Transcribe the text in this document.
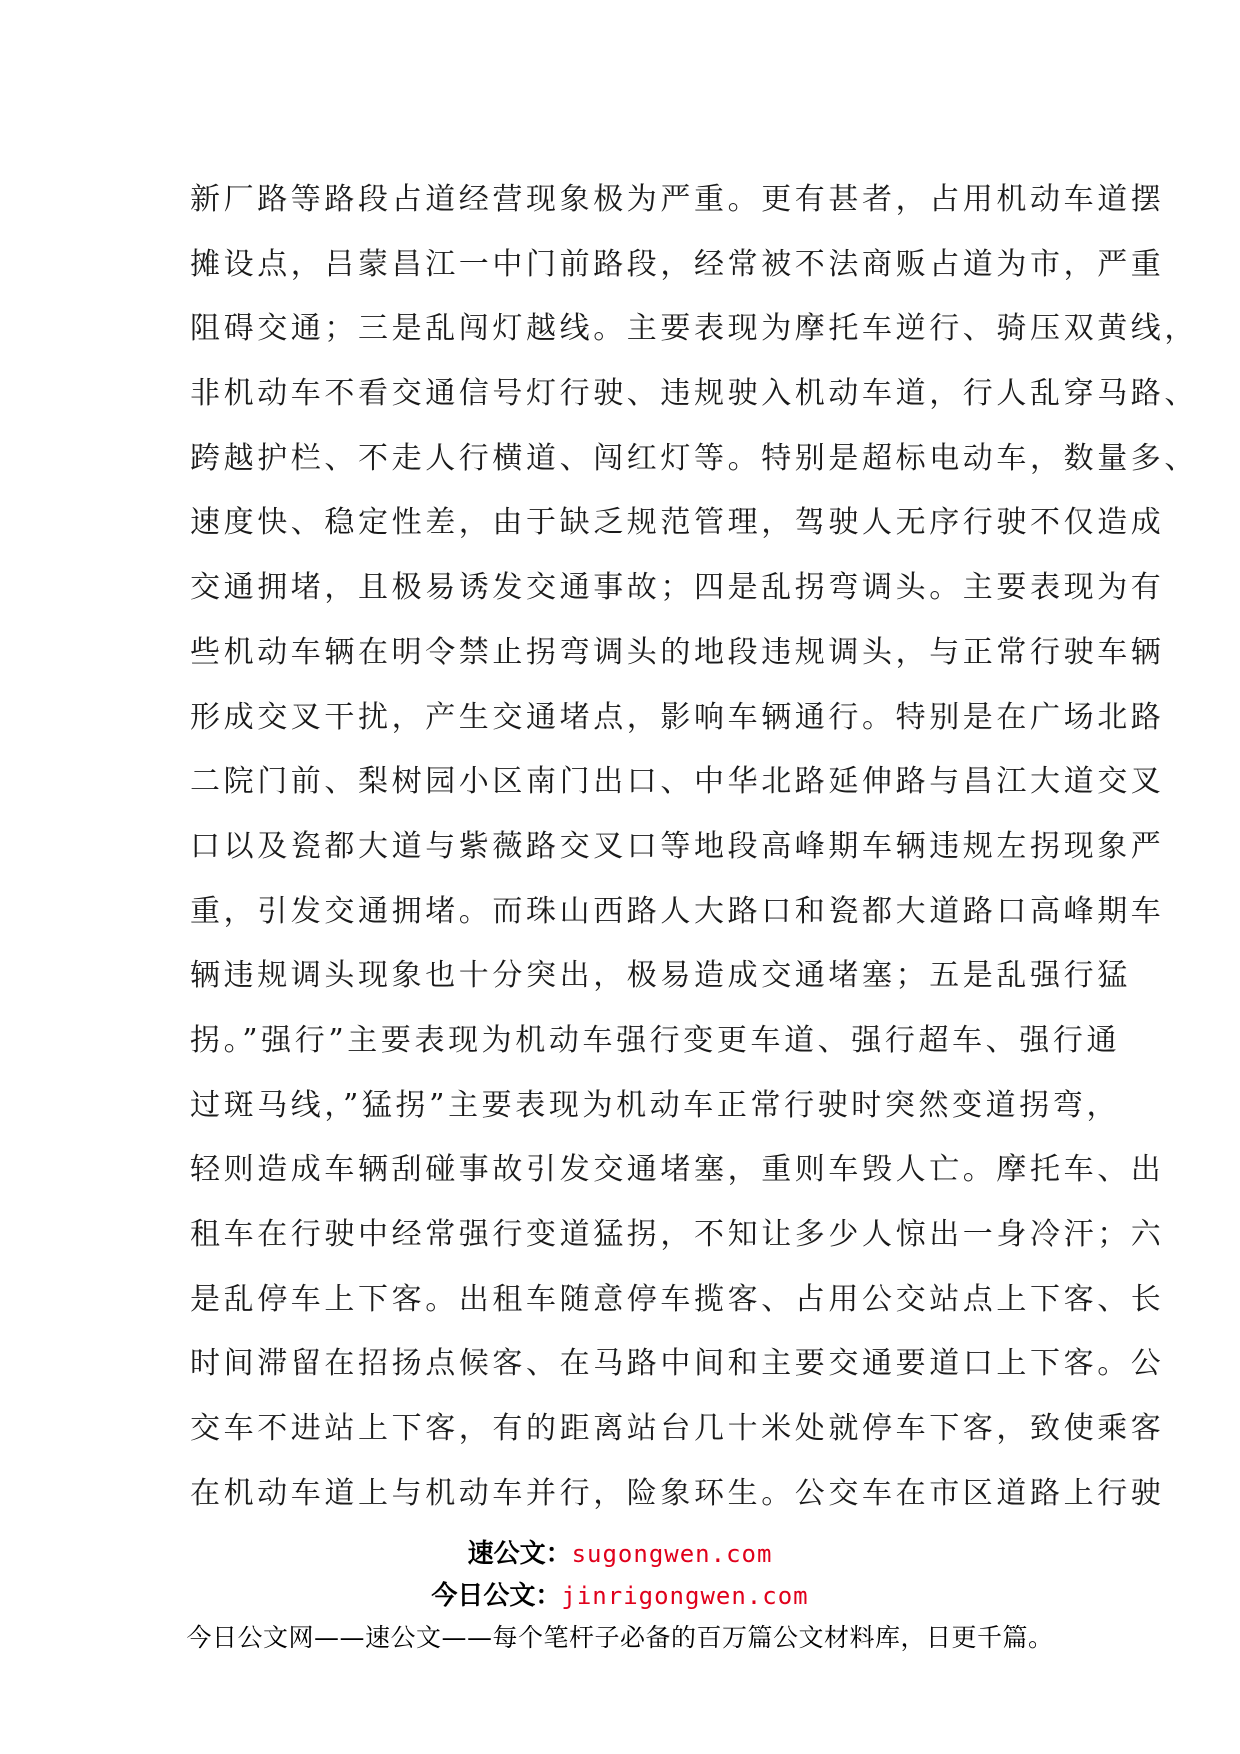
新厂路等路段占道经营现象极为严重。更有甚者，占用机动车道摆
摊设点，吕蒙昌江一中门前路段，经常被不法商贩占道为市，严重
阻碍交通；三是乱闯灯越线。主要表现为摩托车逆行、骑压双黄线，
非机动车不看交通信号灯行驶、违规驶入机动车道，行人乱穿马路、
跨越护栏、不走人行横道、闯红灯等。特别是超标电动车，数量多、
速度快、稳定性差，由于缺乏规范管理，驾驶人无序行驶不仅造成
交通拥堵，且极易诱发交通事故；四是乱拐弯调头。主要表现为有
些机动车辆在明令禁止拐弯调头的地段违规调头，与正常行驶车辆
形成交叉干扰，产生交通堵点，影响车辆通行。特别是在广场北路
二院门前、梨树园小区南门出口、中华北路延伸路与昌江大道交叉
口以及瓷都大道与紫薇路交叉口等地段高峰期车辆违规左拐现象严
重，引发交通拥堵。而珠山西路人大路口和瓷都大道路口高峰期车
辆违规调头现象也十分突出，极易造成交通堵塞；五是乱强行猛
拐。”强行”主要表现为机动车强行变更车道、强行超车、强行通
过斑马线，”猛拐”主要表现为机动车正常行驶时突然变道拐弯，
轻则造成车辆刮碰事故引发交通堵塞，重则车毁人亡。摩托车、出
租车在行驶中经常强行变道猛拐，不知让多少人惊出一身冷汗；六
是乱停车上下客。出租车随意停车揽客、占用公交站点上下客、长
时间滞留在招扬点候客、在马路中间和主要交通要道口上下客。公
交车不进站上下客，有的距离站台几十米处就停车下客，致使乘客
在机动车道上与机动车并行，险象环生。公交车在市区道路上行驶
速公文：sugongwen.com
今日公文：jinrigongwen.com
今日公文网——速公文——每个笔杆子必备的百万篇公文材料库，日更千篇。
